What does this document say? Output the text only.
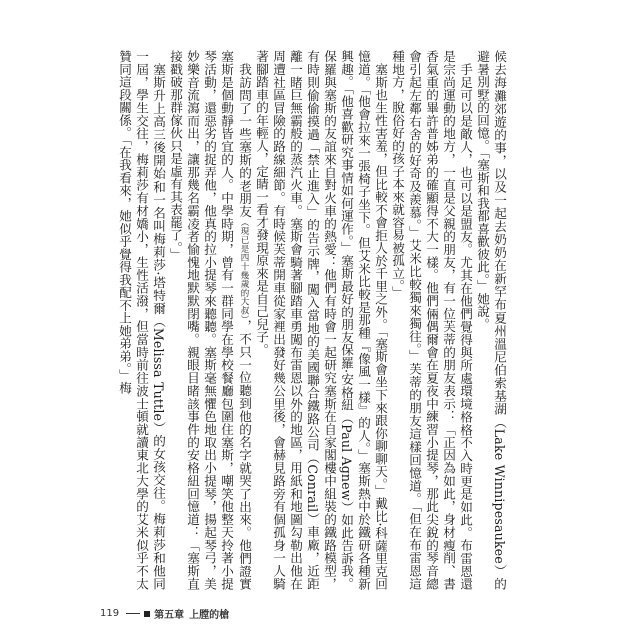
候去海灘郊遊的事，以及一起去奶奶在新罕布夏州溫尼伯索基湖（Lake Winnipesaukee）的避暑別墅的回憶。「塞斯和我都喜歡彼此。」她說。
手足可以是敵人，也可以是盟友。尤其在他們覺得與所處環境格格不入時更是如此。布雷恩還是宗尚運動的地方，一直是父親的朋友，有一位芙蒂的朋友表示：「正因為如此，身材瘦削、書香氣重的畢許普姊弟的確顯得不大一樣。他們倆偶爾會在夏夜中練習小提琴，那此尖銳的琴音總會引起左鄰右舍的好奇及羨慕。」艾米比較獨來獨往。」芙蒂的朋友這樣回憶道。「但在布雷恩這種地方，脫俗好的孩子本來就容易被孤立。」
塞斯也生性害羞，但比較不會拒人於千里之外。「塞斯會坐下來跟你聊聊天。」戴比·科薩里克回憶道。「他會拉來一張椅子坐下。但艾米比較是那種『像風一樣』的人。」塞斯熱中於鐵研各種新興趣。「他喜歡研究事情如何運作。」塞斯最好的朋友保羅·安格紐（Paul Agnew）如此告訴我。保羅與塞斯的友誼來自對火車的熱愛：他們有時會一起研究塞斯在自家閣樓中組裝的鐵路模型，有時則偷偷摸過「禁止進入」的告示牌，闖入當地的美國聯合鐵路公司（Conrail）車廠，近距離一睹巨無霸般的蒸汽火車。塞斯會騎著腳踏車勇闖布雷恩以外的地區，用紙和地圖勾勒出他在周遭社區冒險的路線細節。有時候芙蒂開車從家裡出發好幾公里後，會赫見路旁有個孤身一人騎著腳踏車的年輕人，定睛一看才發現原來是自己兒子。
我訪問了一些塞斯的老朋友（現已是四十幾歲的大叔），不只一位聽到他的名字就哭了出來。他們證實塞斯是個動靜皆宜的人。中學時期，曾有一群同學在學校餐廳包圍住塞斯，嘲笑他整天拎著小提琴活動，還惡劣的捉弄他，他真的拉小提琴來聽聽。塞斯毫無懼色地取出小提琴，揚起琴弓，美妙樂音流瀉而出，讓那幾名霸凌者愉愧地默默閉嘴。親眼目睹該事件的安格紐回憶道：「塞斯直接戳破那群傢伙只是虛有其表罷了。」
塞斯升上高三後開始和一名叫梅莉莎·塔特爾（Melissa Tuttle）的女孩交往。梅莉莎和他同一屆，學生交往，梅莉莎有材嬌小，生性活潑，但當時前往波士頓就讀東北大學的艾米似乎不太贊同這段關係。「在我看來，她似乎覺得我配不上她弟弟。」梅
119	第五章 上膛的槍
